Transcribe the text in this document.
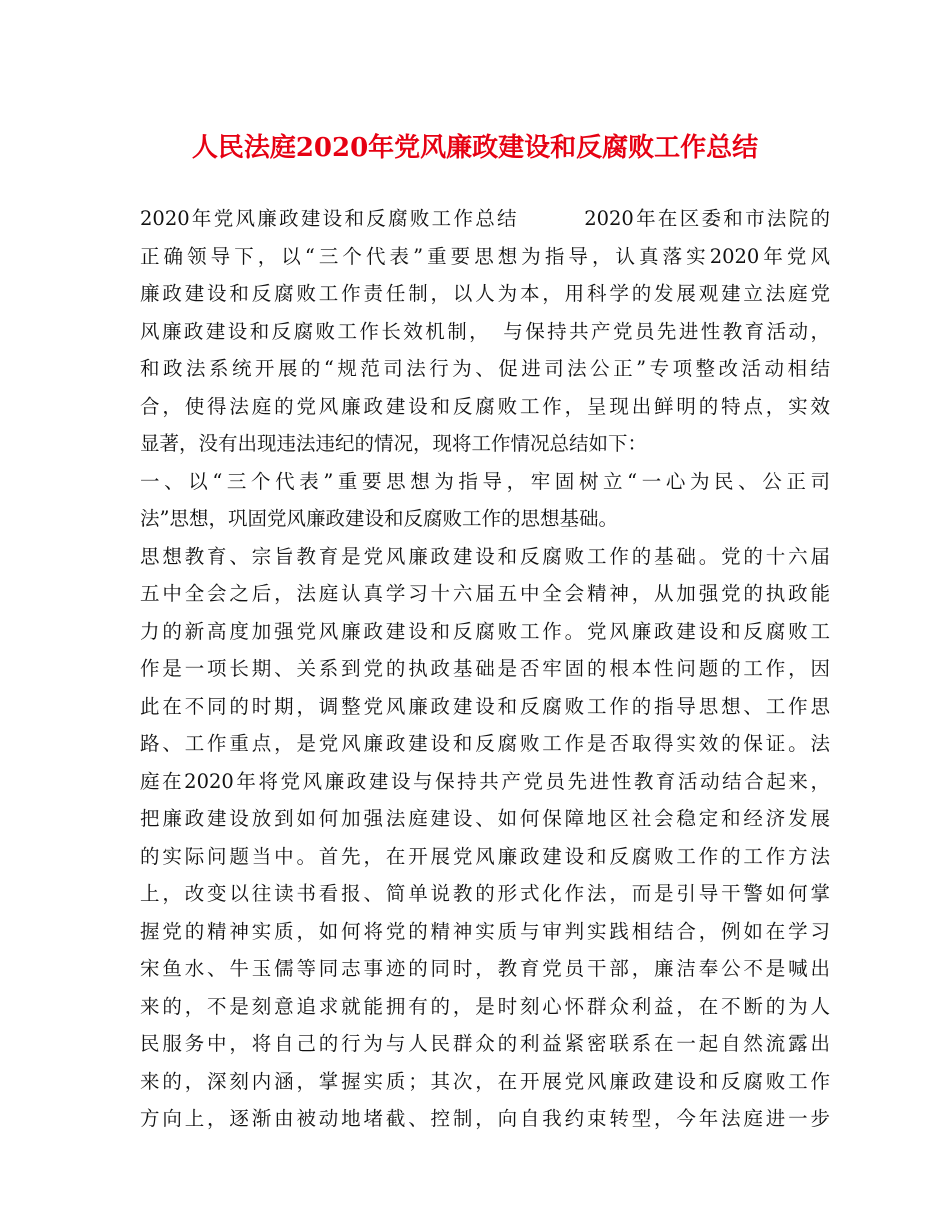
人民法庭2020年党风廉政建设和反腐败工作总结
2020年党风廉政建设和反腐败工作总结　　　2020年在区委和市法院的
正确领导下，以“三个代表”重要思想为指导，认真落实2020年党风
廉政建设和反腐败工作责任制，以人为本，用科学的发展观建立法庭党
风廉政建设和反腐败工作长效机制，　与保持共产党员先进性教育活动，
和政法系统开展的“规范司法行为、促进司法公正”专项整改活动相结
合，使得法庭的党风廉政建设和反腐败工作，呈现出鲜明的特点，实效
显著，没有出现违法违纪的情况，现将工作情况总结如下：
一、以“三个代表”重要思想为指导，牢固树立“一心为民、公正司
法”思想，巩固党风廉政建设和反腐败工作的思想基础。
思想教育、宗旨教育是党风廉政建设和反腐败工作的基础。党的十六届
五中全会之后，法庭认真学习十六届五中全会精神，从加强党的执政能
力的新高度加强党风廉政建设和反腐败工作。党风廉政建设和反腐败工
作是一项长期、关系到党的执政基础是否牢固的根本性问题的工作，因
此在不同的时期，调整党风廉政建设和反腐败工作的指导思想、工作思
路、工作重点，是党风廉政建设和反腐败工作是否取得实效的保证。法
庭在2020年将党风廉政建设与保持共产党员先进性教育活动结合起来，
把廉政建设放到如何加强法庭建设、如何保障地区社会稳定和经济发展
的实际问题当中。首先，在开展党风廉政建设和反腐败工作的工作方法
上，改变以往读书看报、简单说教的形式化作法，而是引导干警如何掌
握党的精神实质，如何将党的精神实质与审判实践相结合，例如在学习
宋鱼水、牛玉儒等同志事迹的同时，教育党员干部，廉洁奉公不是喊出
来的，不是刻意追求就能拥有的，是时刻心怀群众利益，在不断的为人
民服务中，将自己的行为与人民群众的利益紧密联系在一起自然流露出
来的，深刻内涵，掌握实质；其次，在开展党风廉政建设和反腐败工作
方向上，逐渐由被动地堵截、控制，向自我约束转型，今年法庭进一步
